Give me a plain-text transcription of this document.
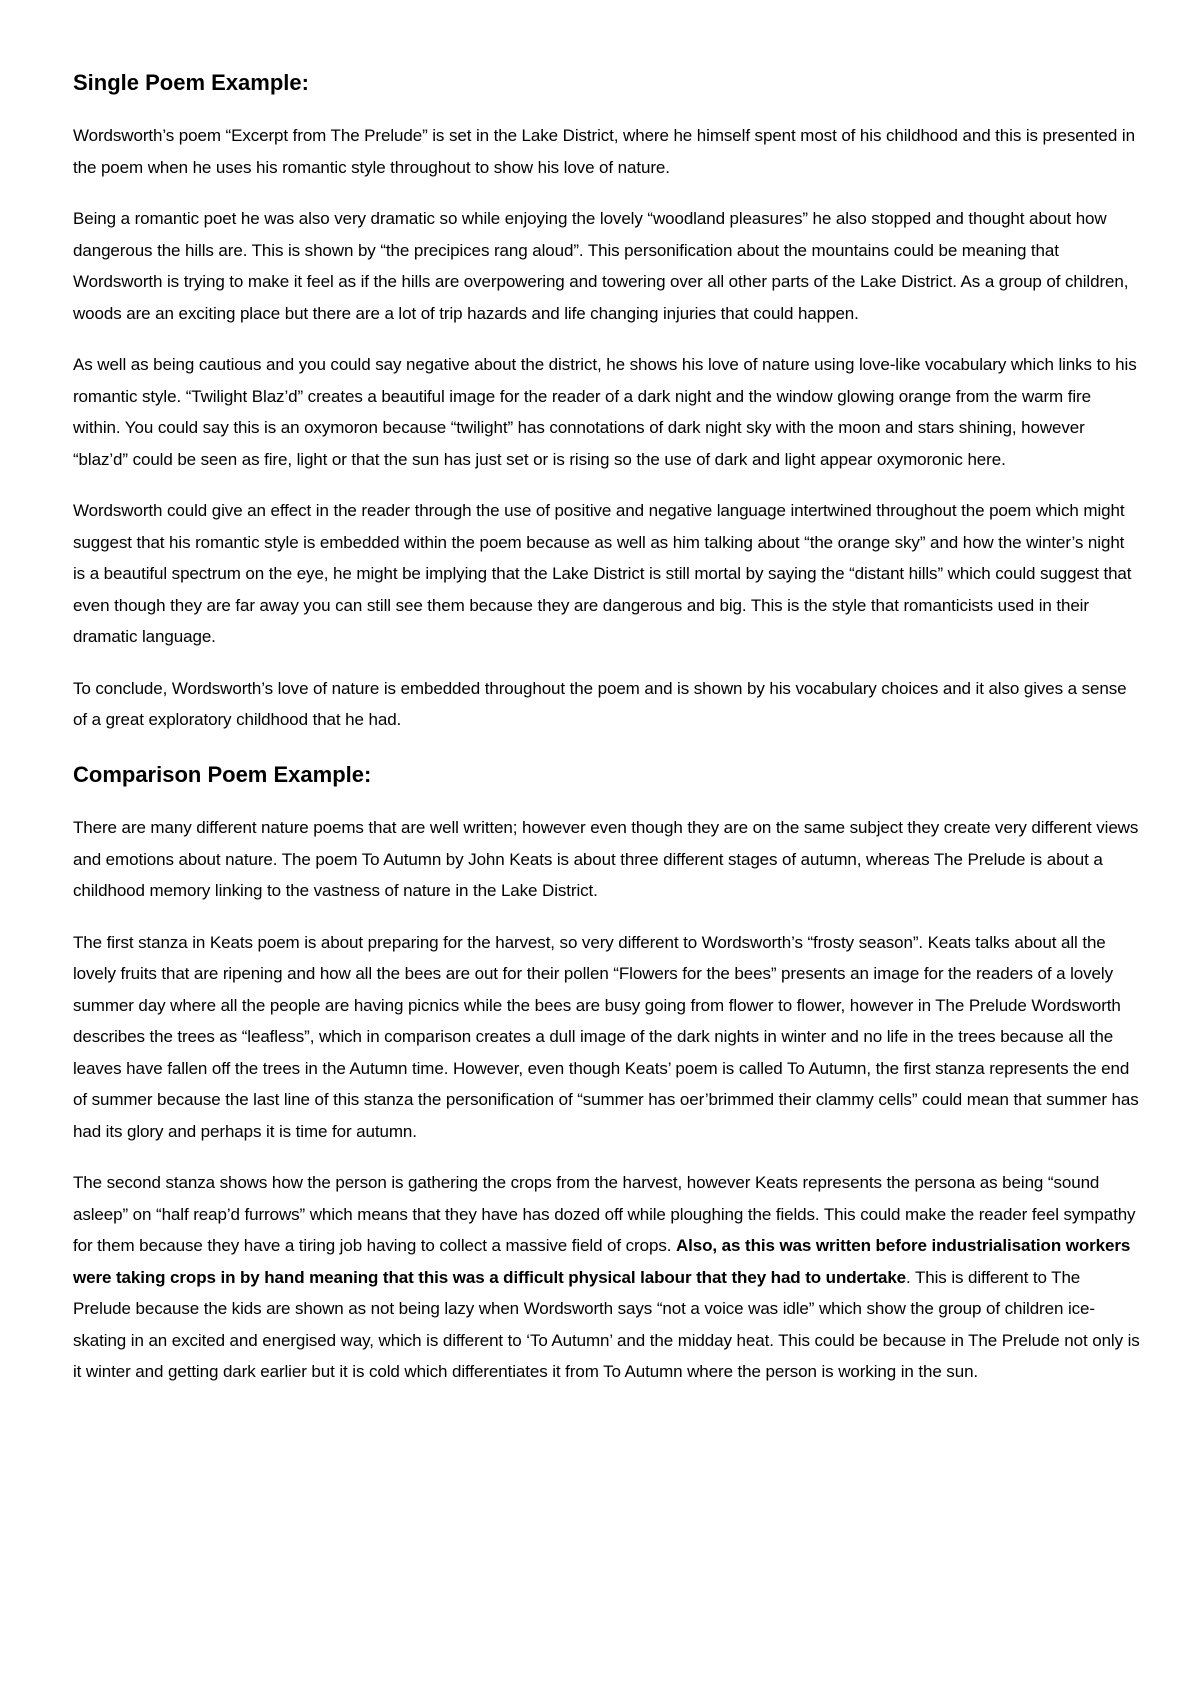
Single Poem Example:

Wordsworth’s poem “Excerpt from The Prelude” is set in the Lake District, where he himself spent most of his childhood and this is presented in the poem when he uses his romantic style throughout to show his love of nature.

Being a romantic poet he was also very dramatic so while enjoying the lovely “woodland pleasures” he also stopped and thought about how dangerous the hills are. This is shown by “the precipices rang aloud”. This personification about the mountains could be meaning that Wordsworth is trying to make it feel as if the hills are overpowering and towering over all other parts of the Lake District. As a group of children, woods are an exciting place but there are a lot of trip hazards and life changing injuries that could happen.

As well as being cautious and you could say negative about the district, he shows his love of nature using love-like vocabulary which links to his romantic style. “Twilight Blaz’d” creates a beautiful image for the reader of a dark night and the window glowing orange from the warm fire within. You could say this is an oxymoron because “twilight” has connotations of dark night sky with the moon and stars shining, however “blaz’d” could be seen as fire, light or that the sun has just set or is rising so the use of dark and light appear oxymoronic here.

Wordsworth could give an effect in the reader through the use of positive and negative language intertwined throughout the poem which might suggest that his romantic style is embedded within the poem because as well as him talking about “the orange sky” and how the winter’s night is a beautiful spectrum on the eye, he might be implying that the Lake District is still mortal by saying the “distant hills” which could suggest that even though they are far away you can still see them because they are dangerous and big. This is the style that romanticists used in their dramatic language.

To conclude, Wordsworth’s love of nature is embedded throughout the poem and is shown by his vocabulary choices and it also gives a sense of a great exploratory childhood that he had.

Comparison Poem Example:

There are many different nature poems that are well written; however even though they are on the same subject they create very different views and emotions about nature. The poem To Autumn by John Keats is about three different stages of autumn, whereas The Prelude is about a childhood memory linking to the vastness of nature in the Lake District.

The first stanza in Keats poem is about preparing for the harvest, so very different to Wordsworth’s “frosty season”. Keats talks about all the lovely fruits that are ripening and how all the bees are out for their pollen “Flowers for the bees” presents an image for the readers of a lovely summer day where all the people are having picnics while the bees are busy going from flower to flower, however in The Prelude Wordsworth describes the trees as “leafless”, which in comparison creates a dull image of the dark nights in winter and no life in the trees because all the leaves have fallen off the trees in the Autumn time. However, even though Keats’ poem is called To Autumn, the first stanza represents the end of summer because the last line of this stanza the personification of “summer has oer’brimmed their clammy cells” could mean that summer has had its glory and perhaps it is time for autumn.

The second stanza shows how the person is gathering the crops from the harvest, however Keats represents the persona as being “sound asleep” on “half reap’d furrows” which means that they have has dozed off while ploughing the fields. This could make the reader feel sympathy for them because they have a tiring job having to collect a massive field of crops. Also, as this was written before industrialisation workers were taking crops in by hand meaning that this was a difficult physical labour that they had to undertake. This is different to The Prelude because the kids are shown as not being lazy when Wordsworth says “not a voice was idle” which show the group of children ice-skating in an excited and energised way, which is different to ‘To Autumn’ and the midday heat. This could be because in The Prelude not only is it winter and getting dark earlier but it is cold which differentiates it from To Autumn where the person is working in the sun.
